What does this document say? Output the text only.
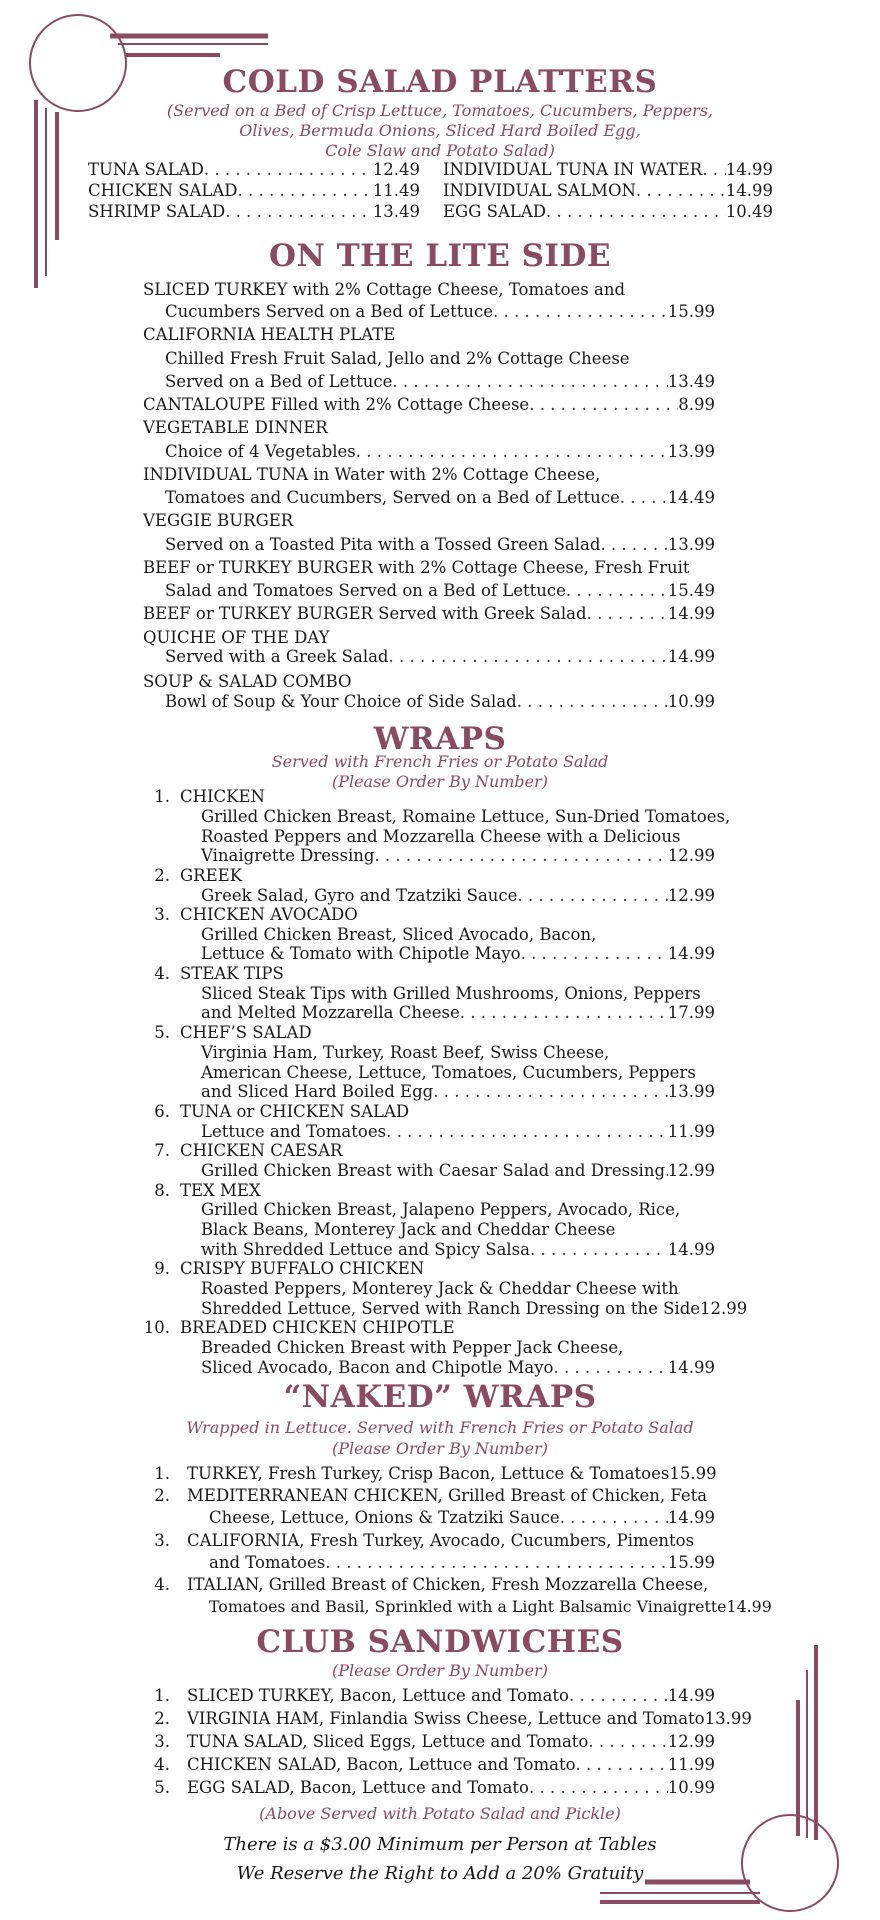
COLD SALAD PLATTERS
(Served on a Bed of Crisp Lettuce, Tomatoes, Cucumbers, Peppers,
Olives, Bermuda Onions, Sliced Hard Boiled Egg,
Cole Slaw and Potato Salad)
TUNA SALAD . . .	12.49
CHICKEN SALAD . . .	11.49
SHRIMP SALAD . . .	13.49
INDIVIDUAL TUNA IN WATER . . . 14.99
INDIVIDUAL SALMON . . .	14.99
EGG SALAD . . .	10.49
ON THE LITE SIDE
SLICED TURKEY with 2% Cottage Cheese, Tomatoes and
Cucumbers Served on a Bed of Lettuce . . .	15.99
CALIFORNIA HEALTH PLATE
Chilled Fresh Fruit Salad, Jello and 2% Cottage Cheese
Served on a Bed of Lettuce . . .	13.49
CANTALOUPE Filled with 2% Cottage Cheese . . .	8.99
VEGETABLE DINNER
Choice of 4 Vegetables . . .	13.99
INDIVIDUAL TUNA in Water with 2% Cottage Cheese,
Tomatoes and Cucumbers, Served on a Bed of Lettuce . . .	14.49
VEGGIE BURGER
Served on a Toasted Pita with a Tossed Green Salad . . .	13.99
BEEF or TURKEY BURGER with 2% Cottage Cheese, Fresh Fruit
Salad and Tomatoes Served on a Bed of Lettuce . . .	15.49
BEEF or TURKEY BURGER Served with Greek Salad . . .	14.99
QUICHE OF THE DAY
Served with a Greek Salad . . .	14.99
SOUP & SALAD COMBO
Bowl of Soup & Your Choice of Side Salad . . .	10.99
WRAPS
Served with French Fries or Potato Salad
(Please Order By Number)
1. CHICKEN
Grilled Chicken Breast, Romaine Lettuce, Sun-Dried Tomatoes,
Roasted Peppers and Mozzarella Cheese with a Delicious
Vinaigrette Dressing . . .	12.99
2. GREEK
Greek Salad, Gyro and Tzatziki Sauce . . .	12.99
3. CHICKEN AVOCADO
Grilled Chicken Breast, Sliced Avocado, Bacon,
Lettuce & Tomato with Chipotle Mayo . . .	14.99
4. STEAK TIPS
Sliced Steak Tips with Grilled Mushrooms, Onions, Peppers
and Melted Mozzarella Cheese . . .	17.99
5. CHEF’S SALAD
Virginia Ham, Turkey, Roast Beef, Swiss Cheese,
American Cheese, Lettuce, Tomatoes, Cucumbers, Peppers
and Sliced Hard Boiled Egg . . .	13.99
6. TUNA or CHICKEN SALAD
Lettuce and Tomatoes . . .	11.99
7. CHICKEN CAESAR
Grilled Chicken Breast with Caesar Salad and Dressing . . . 12.99
8. TEX MEX
Grilled Chicken Breast, Jalapeno Peppers, Avocado, Rice,
Black Beans, Monterey Jack and Cheddar Cheese
with Shredded Lettuce and Spicy Salsa . . .	14.99
9. CRISPY BUFFALO CHICKEN
Roasted Peppers, Monterey Jack & Cheddar Cheese with
Shredded Lettuce, Served with Ranch Dressing on the Side 12.99
10. BREADED CHICKEN CHIPOTLE
Breaded Chicken Breast with Pepper Jack Cheese,
Sliced Avocado, Bacon and Chipotle Mayo . . .	14.99
“NAKED” WRAPS
Wrapped in Lettuce. Served with French Fries or Potato Salad
(Please Order By Number)
1. TURKEY, Fresh Turkey, Crisp Bacon, Lettuce & Tomatoes 15.99
2. MEDITERRANEAN CHICKEN, Grilled Breast of Chicken, Feta
Cheese, Lettuce, Onions & Tzatziki Sauce . . .	14.99
3. CALIFORNIA, Fresh Turkey, Avocado, Cucumbers, Pimentos
and Tomatoes . . .	15.99
4. ITALIAN, Grilled Breast of Chicken, Fresh Mozzarella Cheese,
Tomatoes and Basil, Sprinkled with a Light Balsamic Vinaigrette 14.99
CLUB SANDWICHES
(Please Order By Number)
1. SLICED TURKEY, Bacon, Lettuce and Tomato . . .	14.99
2. VIRGINIA HAM, Finlandia Swiss Cheese, Lettuce and Tomato 13.99
3. TUNA SALAD, Sliced Eggs, Lettuce and Tomato . . .	12.99
4. CHICKEN SALAD, Bacon, Lettuce and Tomato . . .	11.99
5. EGG SALAD, Bacon, Lettuce and Tomato . . .	10.99
(Above Served with Potato Salad and Pickle)
There is a $3.00 Minimum per Person at Tables
We Reserve the Right to Add a 20% Gratuity
